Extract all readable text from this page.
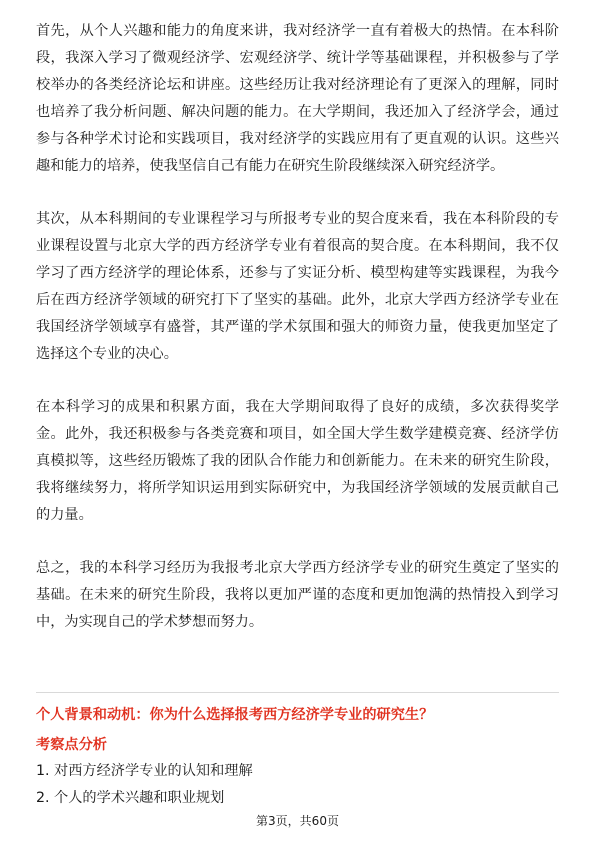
首先，从个人兴趣和能力的角度来讲，我对经济学一直有着极大的热情。在本科阶段，我深入学习了微观经济学、宏观经济学、统计学等基础课程，并积极参与了学校举办的各类经济论坛和讲座。这些经历让我对经济理论有了更深入的理解，同时也培养了我分析问题、解决问题的能力。在大学期间，我还加入了经济学会，通过参与各种学术讨论和实践项目，我对经济学的实践应用有了更直观的认识。这些兴趣和能力的培养，使我坚信自己有能力在研究生阶段继续深入研究经济学。

其次，从本科期间的专业课程学习与所报考专业的契合度来看，我在本科阶段的专业课程设置与北京大学的西方经济学专业有着很高的契合度。在本科期间，我不仅学习了西方经济学的理论体系，还参与了实证分析、模型构建等实践课程，为我今后在西方经济学领域的研究打下了坚实的基础。此外，北京大学西方经济学专业在我国经济学领域享有盛誉，其严谨的学术氛围和强大的师资力量，使我更加坚定了选择这个专业的决心。

在本科学习的成果和积累方面，我在大学期间取得了良好的成绩，多次获得奖学金。此外，我还积极参与各类竞赛和项目，如全国大学生数学建模竞赛、经济学仿真模拟等，这些经历锻炼了我的团队合作能力和创新能力。在未来的研究生阶段，我将继续努力，将所学知识运用到实际研究中，为我国经济学领域的发展贡献自己的力量。

总之，我的本科学习经历为我报考北京大学西方经济学专业的研究生奠定了坚实的基础。在未来的研究生阶段，我将以更加严谨的态度和更加饱满的热情投入到学习中，为实现自己的学术梦想而努力。

个人背景和动机：你为什么选择报考西方经济学专业的研究生？
考察点分析
1. 对西方经济学专业的认知和理解
2. 个人的学术兴趣和职业规划
第3页，共60页
